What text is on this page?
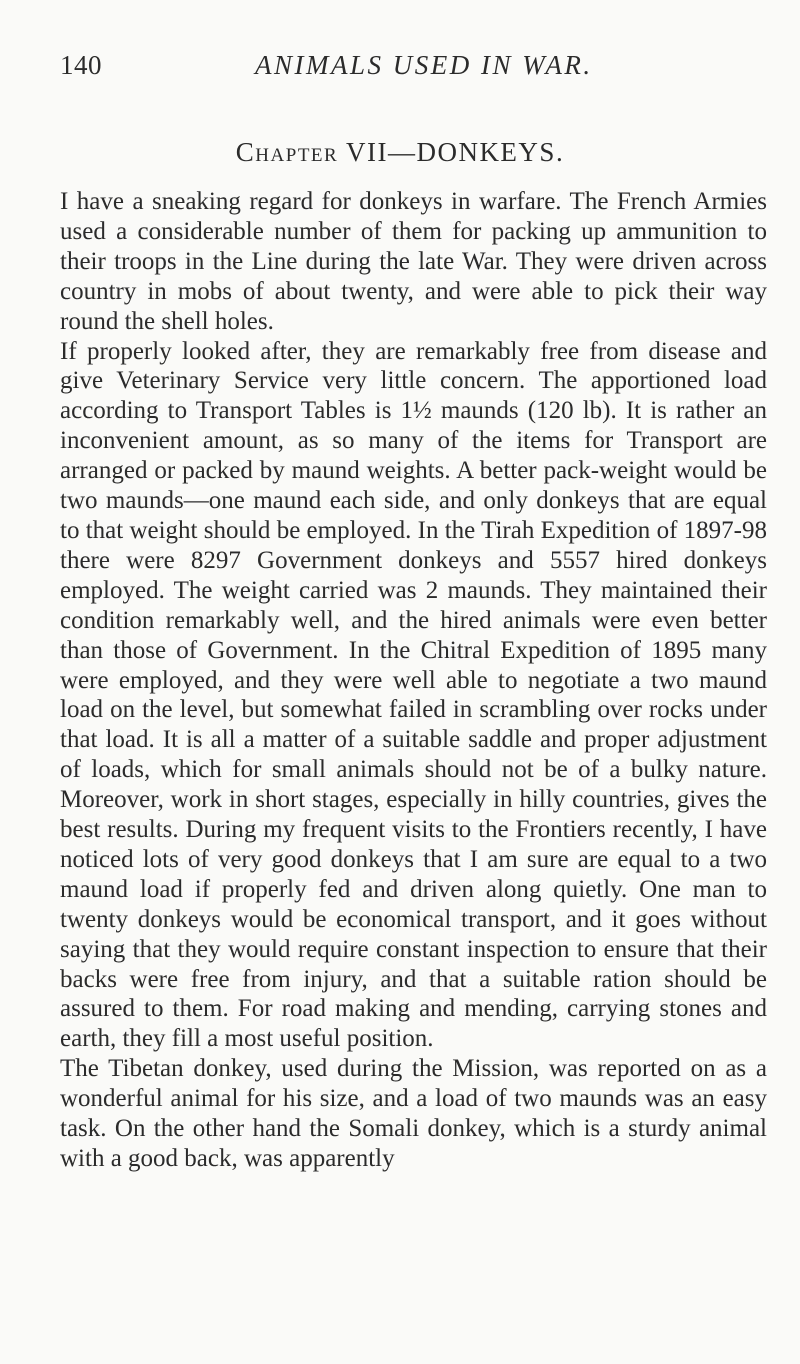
140	ANIMALS USED IN WAR.
Chapter VII—DONKEYS.

I have a sneaking regard for donkeys in warfare. The French Armies used a considerable number of them for packing up ammunition to their troops in the Line during the late War. They were driven across country in mobs of about twenty, and were able to pick their way round the shell holes.

If properly looked after, they are remarkably free from disease and give Veterinary Service very little concern. The apportioned load according to Transport Tables is 1½ maunds (120 lb). It is rather an inconvenient amount, as so many of the items for Transport are arranged or packed by maund weights. A better pack-weight would be two maunds—one maund each side, and only donkeys that are equal to that weight should be employed. In the Tirah Expedition of 1897-98 there were 8297 Government donkeys and 5557 hired donkeys employed. The weight carried was 2 maunds. They maintained their condition remarkably well, and the hired animals were even better than those of Government. In the Chitral Expedition of 1895 many were employed, and they were well able to negotiate a two maund load on the level, but somewhat failed in scrambling over rocks under that load. It is all a matter of a suitable saddle and proper adjustment of loads, which for small animals should not be of a bulky nature. Moreover, work in short stages, especially in hilly countries, gives the best results. During my frequent visits to the Frontiers recently, I have noticed lots of very good donkeys that I am sure are equal to a two maund load if properly fed and driven along quietly. One man to twenty donkeys would be economical transport, and it goes without saying that they would require constant inspection to ensure that their backs were free from injury, and that a suitable ration should be assured to them. For road making and mending, carrying stones and earth, they fill a most useful position.

The Tibetan donkey, used during the Mission, was reported on as a wonderful animal for his size, and a load of two maunds was an easy task. On the other hand the Somali donkey, which is a sturdy animal with a good back, was apparently
